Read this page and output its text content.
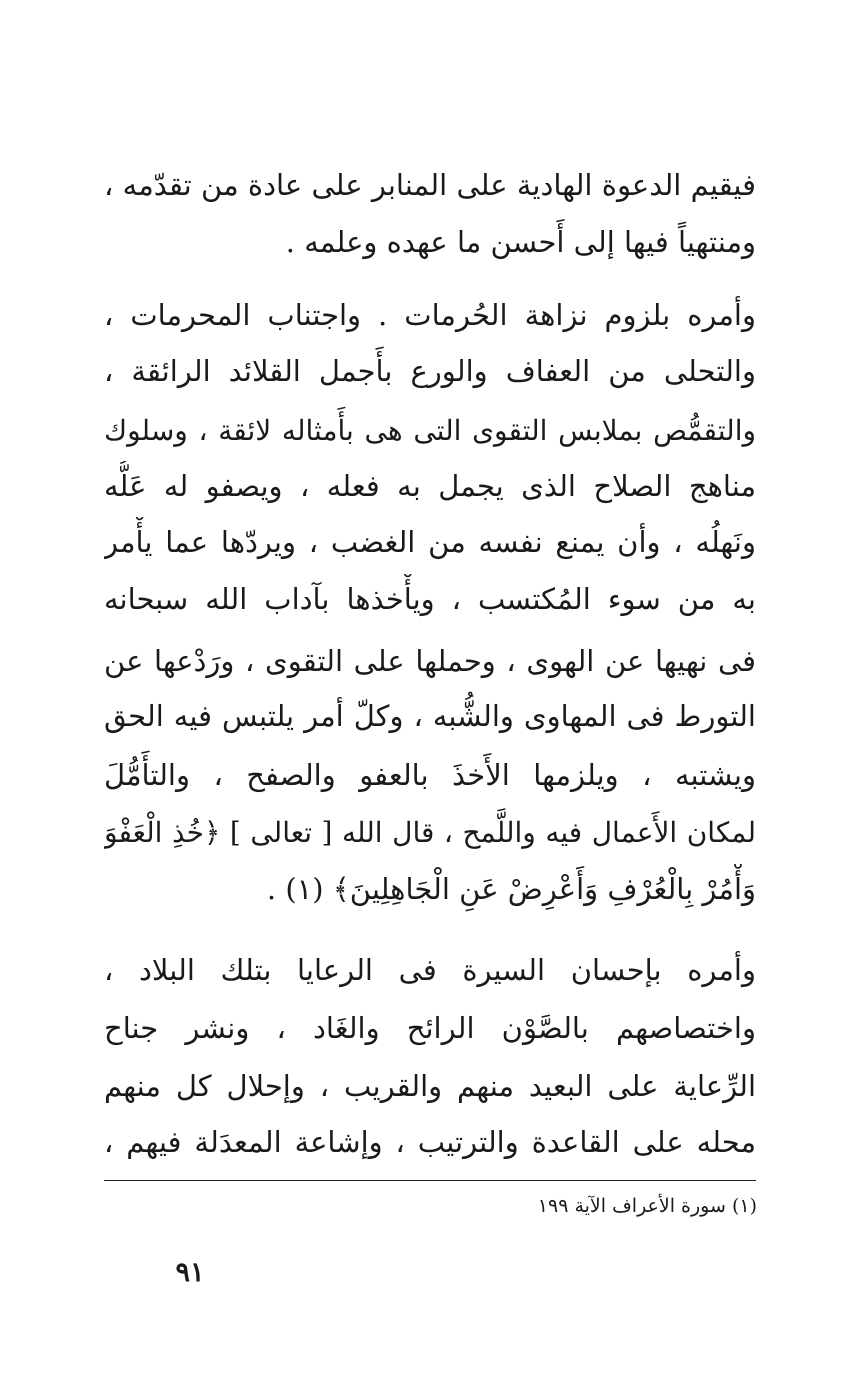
فيقيم الدعوة الهادية على المنابر على عادة من تقدّمه ،
ومنتهياً فيها إلى أَحسن ما عهده وعلمه .
وأمره بلزوم نزاهة الحُرمات . واجتناب المحرمات ،
والتحلى من العفاف والورع بأَجمل القلائد الرائقة ،
والتقمُّص بملابس التقوى التى هى بأَمثاله لائقة ، وسلوك
مناهج الصلاح الذى يجمل به فعله ، ويصفو له عَلُّه
ونَهلُه ، وأن يمنع نفسه من الغضب ، ويردّها عما يأْمر
به من سوء المُكتسب ، ويأْخذها بآداب الله سبحانه
فى نهيها عن الهوى ، وحملها على التقوى ، ورَدْعها عن
التورط فى المهاوى والشُّبه ، وكلّ أمر يلتبس فيه الحق
ويشتبه ، ويلزمها الأَخذَ بالعفو والصفح ، والتأَمُّلَ
لمكان الأَعمال فيه واللَّمح ، قال الله [ تعالى ] ﴿خُذِ الْعَفْوَ
وَأْمُرْ بِالْعُرْفِ وَأَعْرِضْ عَنِ الْجَاهِلِينَ﴾ (١) .
وأمره بإحسان السيرة فى الرعايا بتلك البلاد ،
واختصاصهم بالصَّوْن الرائح والغَاد ، ونشر جناح
الرِّعاية على البعيد منهم والقريب ، وإحلال كل منهم
محله على القاعدة والترتيب ، وإشاعة المعدَلة فيهم ،
(١) سورة الأعراف الآية ١٩٩
٩١
